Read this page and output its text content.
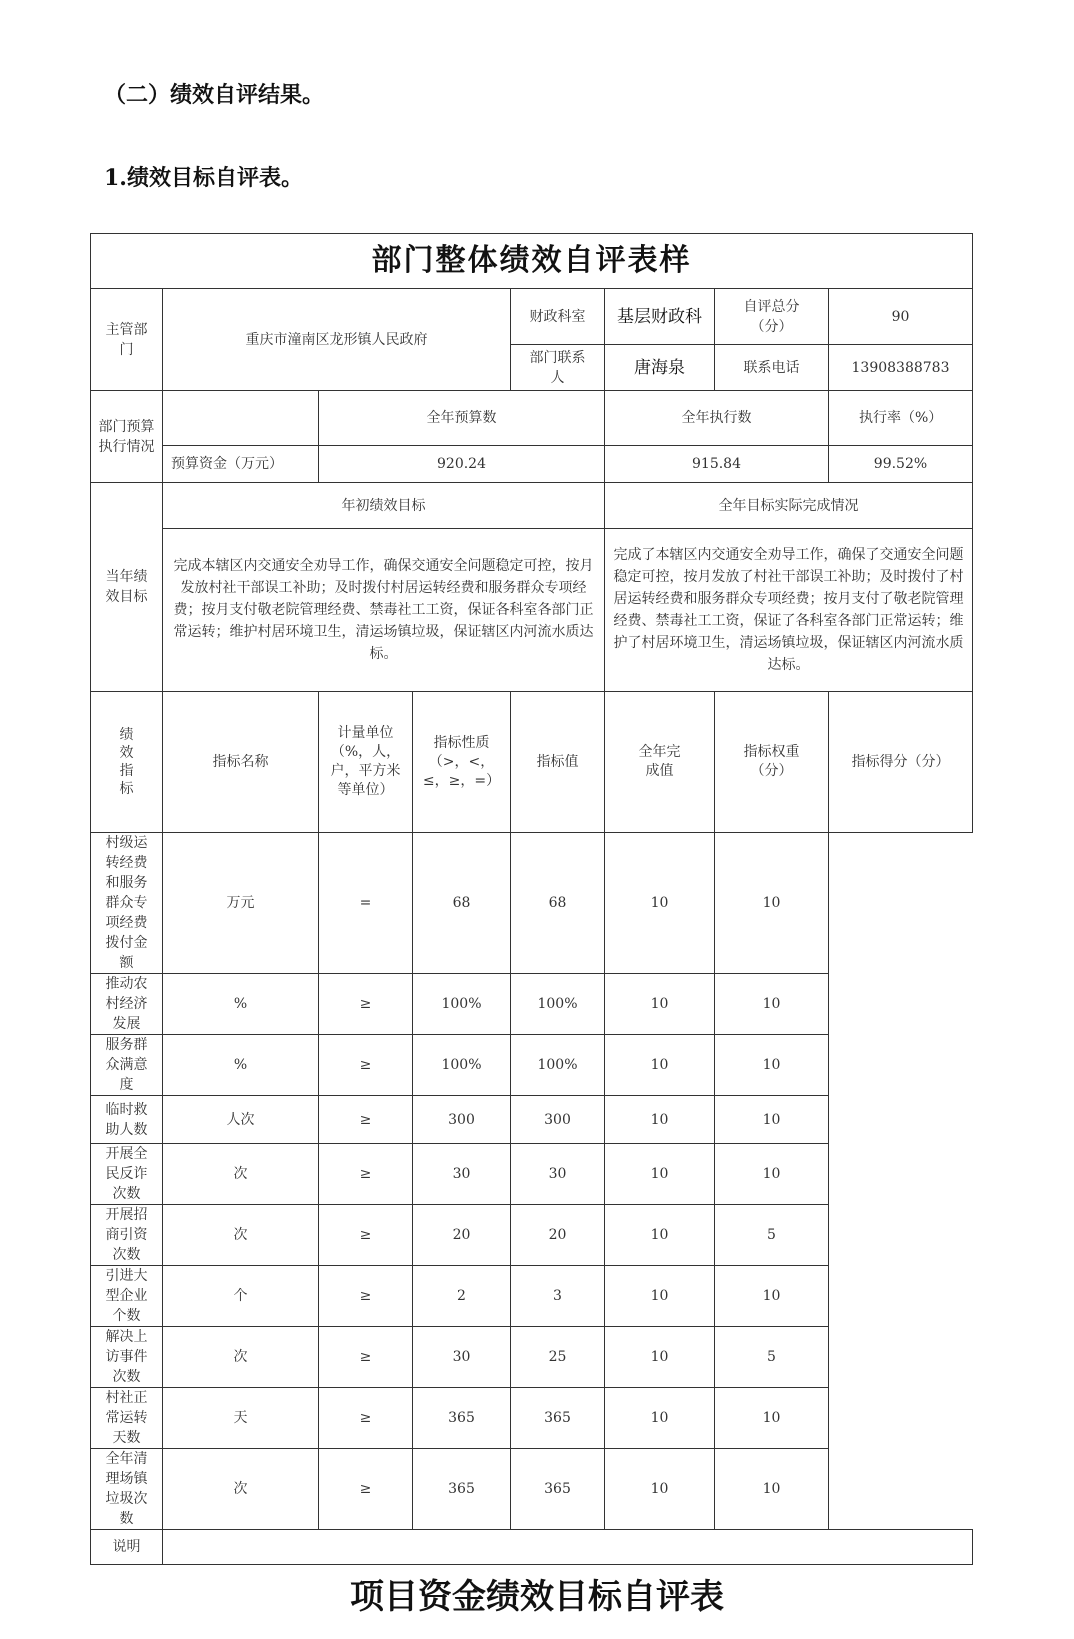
（二）绩效自评结果。
1.绩效目标自评表。
部门整体绩效自评表样							
主管部门	重庆市潼南区龙形镇人民政府			财政科室	基层财政科	自评总分（分）	90
				部门联系人	唐海泉	联系电话	13908388783
部门预算执行情况		全年预算数			全年执行数		执行率（%）
	预算资金（万元）	920.24			915.84		99.52%
当年绩效目标	年初绩效目标				全年目标实际完成情况		
	完成本辖区内交通安全劝导工作，确保交通安全问题稳定可控，按月发放村社干部误工补助；及时拨付村居运转经费和服务群众专项经费；按月支付敬老院管理经费、禁毒社工工资，保证各科室各部门正常运转；维护村居环境卫生，清运场镇垃圾，保证辖区内河流水质达标。				完成了本辖区内交通安全劝导工作，确保了交通安全问题稳定可控，按月发放了村社干部误工补助；及时拨付了村居运转经费和服务群众专项经费；按月支付了敬老院管理经费、禁毒社工工资，保证了各科室各部门正常运转；维护了村居环境卫生，清运场镇垃圾，保证辖区内河流水质达标。		
绩效指标	指标名称	计量单位（%，人，户，平方米等单位）	指标性质（>，<，≤，≥，=）	指标值	全年完成值	指标权重（分）	指标得分（分）
村级运转经费和服务群众专项经费拨付金额	万元	=	68	68	10	10	
推动农村经济发展	%	≥	100%	100%	10	10	
服务群众满意度	%	≥	100%	100%	10	10	
临时救助人数	人次	≥	300	300	10	10	
开展全民反诈次数	次	≥	30	30	10	10	
开展招商引资次数	次	≥	20	20	10	5	
引进大型企业个数	个	≥	2	3	10	10	
解决上访事件次数	次	≥	30	25	10	5	
村社正常运转天数	天	≥	365	365	10	10	
全年清理场镇垃圾次数	次	≥	365	365	10	10	
说明							
项目资金绩效目标自评表
